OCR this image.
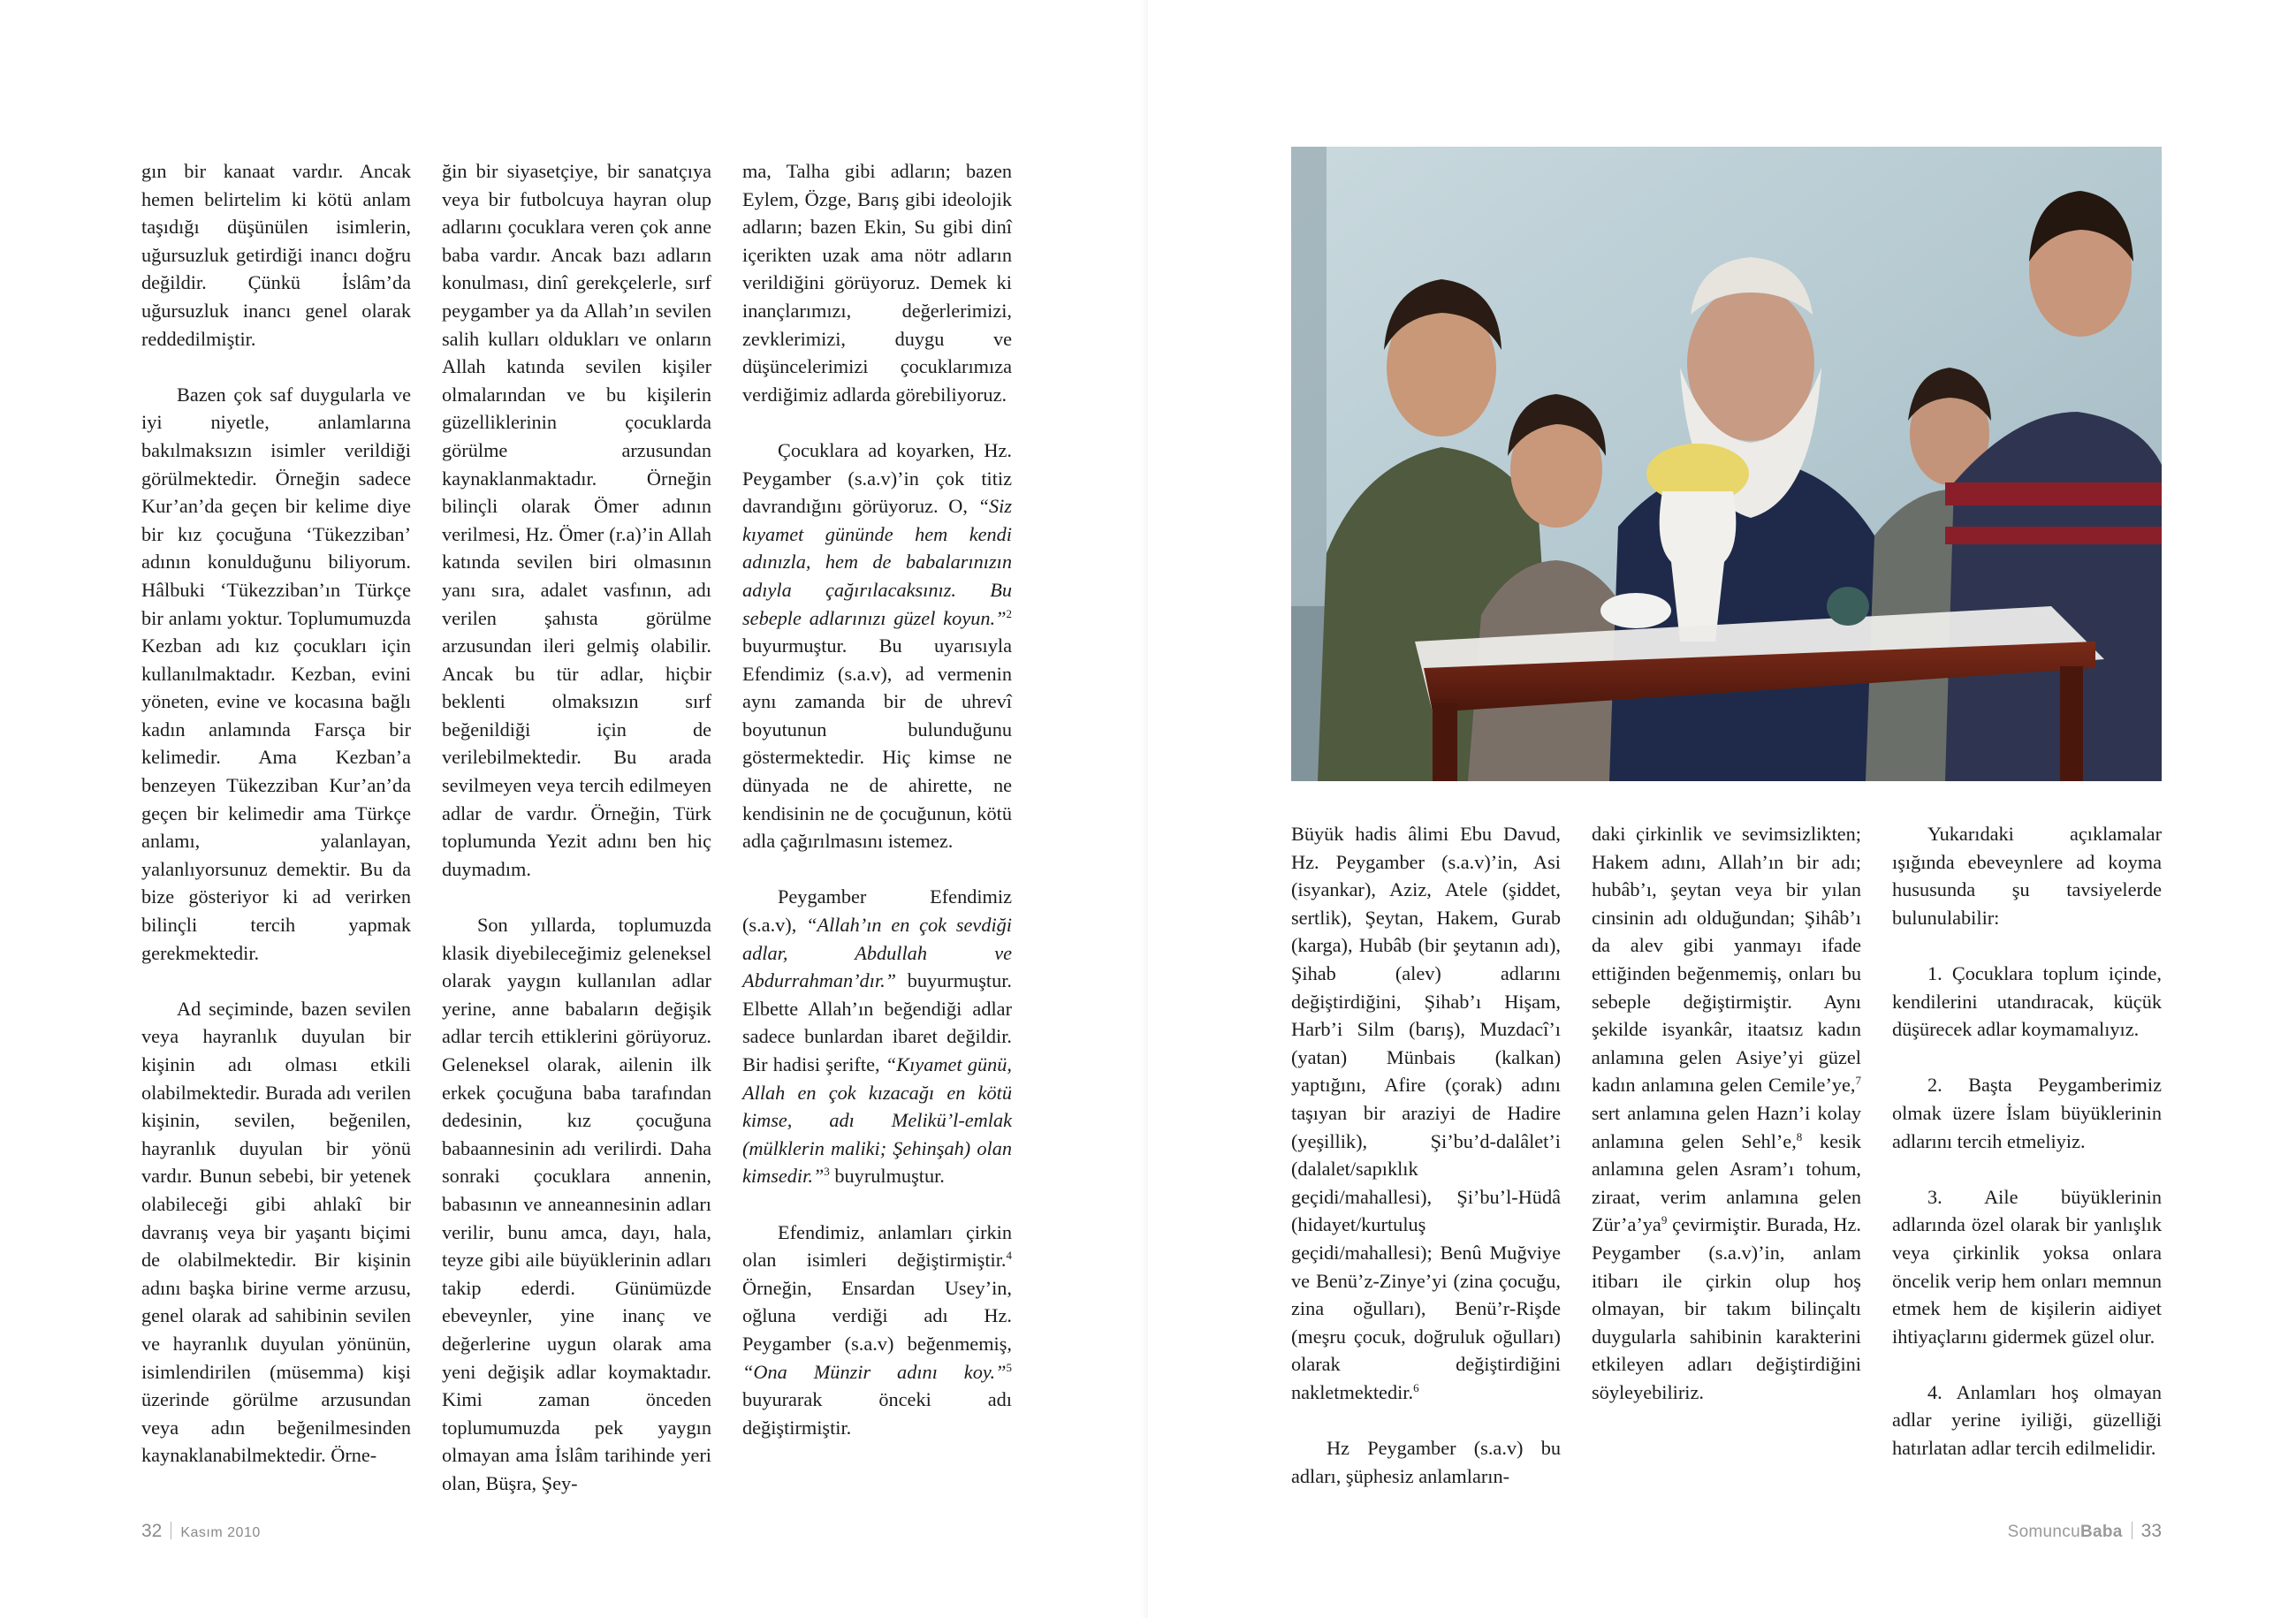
gın bir kanaat vardır. Ancak hemen belirtelim ki kötü anlam taşıdığı düşünülen isimlerin, uğursuzluk getirdiği inancı doğru değildir. Çünkü İslâm’da uğursuzluk inancı genel olarak reddedilmiştir.

Bazen çok saf duygularla ve iyi niyetle, anlamlarına bakılmaksızın isimler verildiği görülmektedir. Örneğin sadece Kur’an’da geçen bir kelime diye bir kız çocuğuna ‘Tükezziban’ adının konulduğunu biliyorum. Hâlbuki ‘Tükezziban’ın Türkçe bir anlamı yoktur. Toplumumuzda Kezban adı kız çocukları için kullanılmaktadır. Kezban, evini yöneten, evine ve kocasına bağlı kadın anlamında Farsça bir kelimedir. Ama Kezban’a benzeyen Tükezziban Kur’an’da geçen bir kelimedir ama Türkçe anlamı, yalanlayan, yalanlıyorsunuz demektir. Bu da bize gösteriyor ki ad verirken bilinçli tercih yapmak gerekmektedir.

Ad seçiminde, bazen sevilen veya hayranlık duyulan bir kişinin adı olması etkili olabilmektedir. Burada adı verilen kişinin, sevilen, beğenilen, hayranlık duyulan bir yönü vardır. Bunun sebebi, bir yetenek olabileceği gibi ahlakî bir davranış veya bir yaşantı biçimi de olabilmektedir. Bir kişinin adını başka birine verme arzusu, genel olarak ad sahibinin sevilen ve hayranlık duyulan yönünün, isimlendirilen (müsemma) kişi üzerinde görülme arzusundan veya adın beğenilmesinden kaynaklanabilmektedir. Örne-

ğin bir siyasetçiye, bir sanatçıya veya bir futbolcuya hayran olup adlarını çocuklara veren çok anne baba vardır. Ancak bazı adların konulması, dinî gerekçelerle, sırf peygamber ya da Allah’ın sevilen salih kulları oldukları ve onların Allah katında sevilen kişiler olmalarından ve bu kişilerin güzelliklerinin çocuklarda görülme arzusundan kaynaklanmaktadır. Örneğin bilinçli olarak Ömer adının verilmesi, Hz. Ömer (r.a)’in Allah katında sevilen biri olmasının yanı sıra, adalet vasfının, adı verilen şahısta görülme arzusundan ileri gelmiş olabilir. Ancak bu tür adlar, hiçbir beklenti olmaksızın sırf beğenildiği için de verilebilmektedir. Bu arada sevilmeyen veya tercih edilmeyen adlar de vardır. Örneğin, Türk toplumunda Yezit adını ben hiç duymadım.

Son yıllarda, toplumuzda klasik diyebileceğimiz geleneksel olarak yaygın kullanılan adlar yerine, anne babaların değişik adlar tercih ettiklerini görüyoruz. Geleneksel olarak, ailenin ilk erkek çocuğuna baba tarafından dedesinin, kız çocuğuna babaannesinin adı verilirdi. Daha sonraki çocuklara annenin, babasının ve anneannesinin adları verilir, bunu amca, dayı, hala, teyze gibi aile büyüklerinin adları takip ederdi. Günümüzde ebeveynler, yine inanç ve değerlerine uygun olarak ama yeni değişik adlar koymaktadır. Kimi zaman önceden toplumumuzda pek yaygın olmayan ama İslâm tarihinde yeri olan, Büşra, Şey-

ma, Talha gibi adların; bazen Eylem, Özge, Barış gibi ideolojik adların; bazen Ekin, Su gibi dinî içerikten uzak ama nötr adların verildiğini görüyoruz. Demek ki inançlarımızı, değerlerimizi, zevklerimizi, duygu ve düşüncelerimizi çocuklarımıza verdiğimiz adlarda görebiliyoruz.

Çocuklara ad koyarken, Hz. Peygamber (s.a.v)’in çok titiz davrandığını görüyoruz. O, “Siz kıyamet gününde hem kendi adınızla, hem de babalarınızın adıyla çağırılacaksınız. Bu sebeple adlarınızı güzel koyun.”$^2$ buyurmuştur. Bu uyarısıyla Efendimiz (s.a.v), ad vermenin aynı zamanda bir de uhrevî boyutunun bulunduğunu göstermektedir. Hiç kimse ne dünyada ne de ahirette, ne kendisinin ne de çocuğunun, kötü adla çağırılmasını istemez.

Peygamber Efendimiz (s.a.v), “Allah’ın en çok sevdiği adlar, Abdullah ve Abdurrahman’dır.” buyurmuştur. Elbette Allah’ın beğendiği adlar sadece bunlardan ibaret değildir. Bir hadisi şerifte, “Kıyamet günü, Allah en çok kızacağı en kötü kimse, adı Melikü’l-emlak (mülklerin maliki; Şehinşah) olan kimsedir.”$^3$ buyrulmuştur.

Efendimiz, anlamları çirkin olan isimleri değiştirmiştir.$^4$ Örneğin, Ensardan Usey’in, oğluna verdiği adı Hz. Peygamber (s.a.v) beğenmemiş, “Ona Münzir adını koy.”$^5$ buyurarak önceki adı değiştirmiştir.

32 Kasım 2010

Büyük hadis âlimi Ebu Davud, Hz. Peygamber (s.a.v)’in, Asi (isyankar), Aziz, Atele (şiddet, sertlik), Şeytan, Hakem, Gurab (karga), Hubâb (bir şeytanın adı), Şihab (alev) adlarını değiştirdiğini, Şihab’ı Hişam, Harb’i Silm (barış), Muzdacî’ı (yatan) Münbais (kalkan) yaptığını, Afire (çorak) adını taşıyan bir araziyi de Hadire (yeşillik), Şi’bu’d-dalâlet’i (dalalet/sapıklık geçidi/mahallesi), Şi’bu’l-Hüdâ (hidayet/kurtuluş geçidi/mahallesi); Benû Muğviye ve Benü’z-Zinye’yi (zina çocuğu, zina oğulları), Benü’r-Rişde (meşru çocuk, doğruluk oğulları) olarak değiştirdiğini nakletmektedir.$^6$

Hz Peygamber (s.a.v) bu adları, şüphesiz anlamların-

daki çirkinlik ve sevimsizlikten; Hakem adını, Allah’ın bir adı; hubâb’ı, şeytan veya bir yılan cinsinin adı olduğundan; Şihâb’ı da alev gibi yanmayı ifade ettiğinden beğenmemiş, onları bu sebeple değiştirmiştir. Aynı şekilde isyankâr, itaatsız kadın anlamına gelen Asiye’yi güzel kadın anlamına gelen Cemile’ye,$^7$ sert anlamına gelen Hazn’i kolay anlamına gelen Sehl’e,$^8$ kesik anlamına gelen Asram’ı tohum, ziraat, verim anlamına gelen $Zür’a’ya^9$ çevirmiştir. Burada, Hz. Peygamber (s.a.v)’in, anlam itibarı ile çirkin olup hoş olmayan, bir takım bilinçaltı duygularla sahibinin karakterini etkileyen adları değiştirdiğini söyleyebiliriz.

Yukarıdaki açıklamalar ışığında ebeveynlere ad koyma hususunda şu tavsiyelerde bulunulabilir:

1. Çocuklara toplum içinde, kendilerini utandıracak, küçük düşürecek adlar koymamalıyız.

2. Başta Peygamberimiz olmak üzere İslam büyüklerinin adlarını tercih etmeliyiz.

3. Aile büyüklerinin adlarında özel olarak bir yanlışlık veya çirkinlik yoksa onlara öncelik verip hem onları memnun etmek hem de kişilerin aidiyet ihtiyaçlarını gidermek güzel olur.

4. Anlamları hoş olmayan adlar yerine iyiliği, güzelliği hatırlatan adlar tercih edilmelidir.

SomuncuBaba 33
